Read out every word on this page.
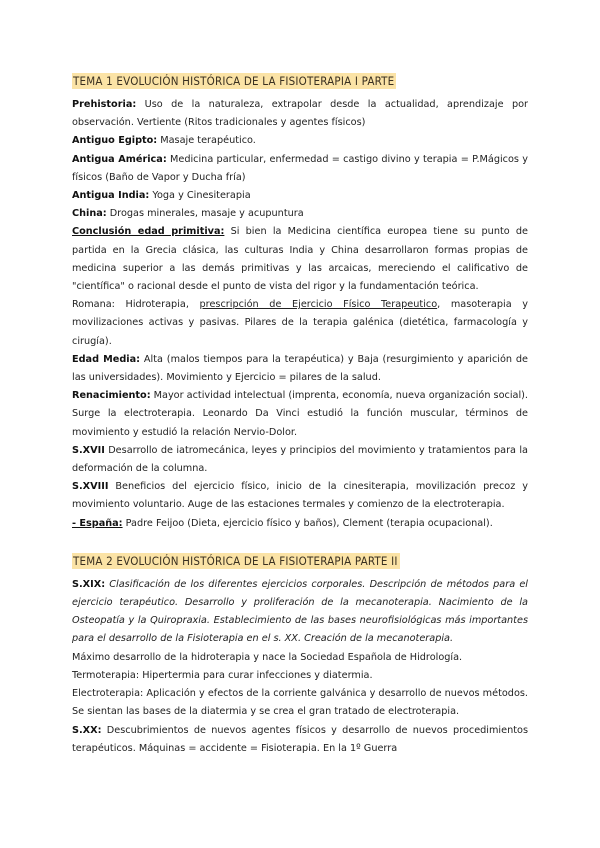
TEMA 1 EVOLUCIÓN HISTÓRICA DE LA FISIOTERAPIA I PARTE

Prehistoria: Uso de la naturaleza, extrapolar desde la actualidad, aprendizaje por observación. Vertiente (Ritos tradicionales y agentes físicos)

Antiguo Egipto: Masaje terapéutico.

Antigua América: Medicina particular, enfermedad = castigo divino y terapia = P.Mágicos y físicos (Baño de Vapor y Ducha fría)

Antigua India: Yoga y Cinesiterapia

China: Drogas minerales, masaje y acupuntura

Conclusión edad primitiva: Si bien la Medicina científica europea tiene su punto de partida en la Grecia clásica, las culturas India y China desarrollaron formas propias de medicina superior a las demás primitivas y las arcaicas, mereciendo el calificativo de "científica" o racional desde el punto de vista del rigor y la fundamentación teórica.

Romana: Hidroterapia, prescripción de Ejercicio Físico Terapeutico, masoterapia y movilizaciones activas y pasivas. Pilares de la terapia galénica (dietética, farmacología y cirugía).

Edad Media: Alta (malos tiempos para la terapéutica) y Baja (resurgimiento y aparición de las universidades). Movimiento y Ejercicio = pilares de la salud.

Renacimiento: Mayor actividad intelectual (imprenta, economía, nueva organización social). Surge la electroterapia. Leonardo Da Vinci estudió la función muscular, términos de movimiento y estudió la relación Nervio-Dolor.

S.XVII Desarrollo de iatromecánica, leyes y principios del movimiento y tratamientos para la deformación de la columna.

S.XVIII Beneficios del ejercicio físico, inicio de la cinesiterapia, movilización precoz y movimiento voluntario. Auge de las estaciones termales y comienzo de la electroterapia.

- España: Padre Feijoo (Dieta, ejercicio físico y baños), Clement (terapia ocupacional).

TEMA 2 EVOLUCIÓN HISTÓRICA DE LA FISIOTERAPIA PARTE II

S.XIX: Clasificación de los diferentes ejercicios corporales. Descripción de métodos para el ejercicio terapéutico. Desarrollo y proliferación de la mecanoterapia. Nacimiento de la Osteopatía y la Quiropraxia. Establecimiento de las bases neurofisiológicas más importantes para el desarrollo de la Fisioterapia en el s. XX. Creación de la mecanoterapia.

Máximo desarrollo de la hidroterapia y nace la Sociedad Española de Hidrología.

Termoterapia: Hipertermia para curar infecciones y diatermia.

Electroterapia: Aplicación y efectos de la corriente galvánica y desarrollo de nuevos métodos. Se sientan las bases de la diatermia y se crea el gran tratado de electroterapia.

S.XX: Descubrimientos de nuevos agentes físicos y desarrollo de nuevos procedimientos terapéuticos. Máquinas = accidente = Fisioterapia. En la 1º Guerra
